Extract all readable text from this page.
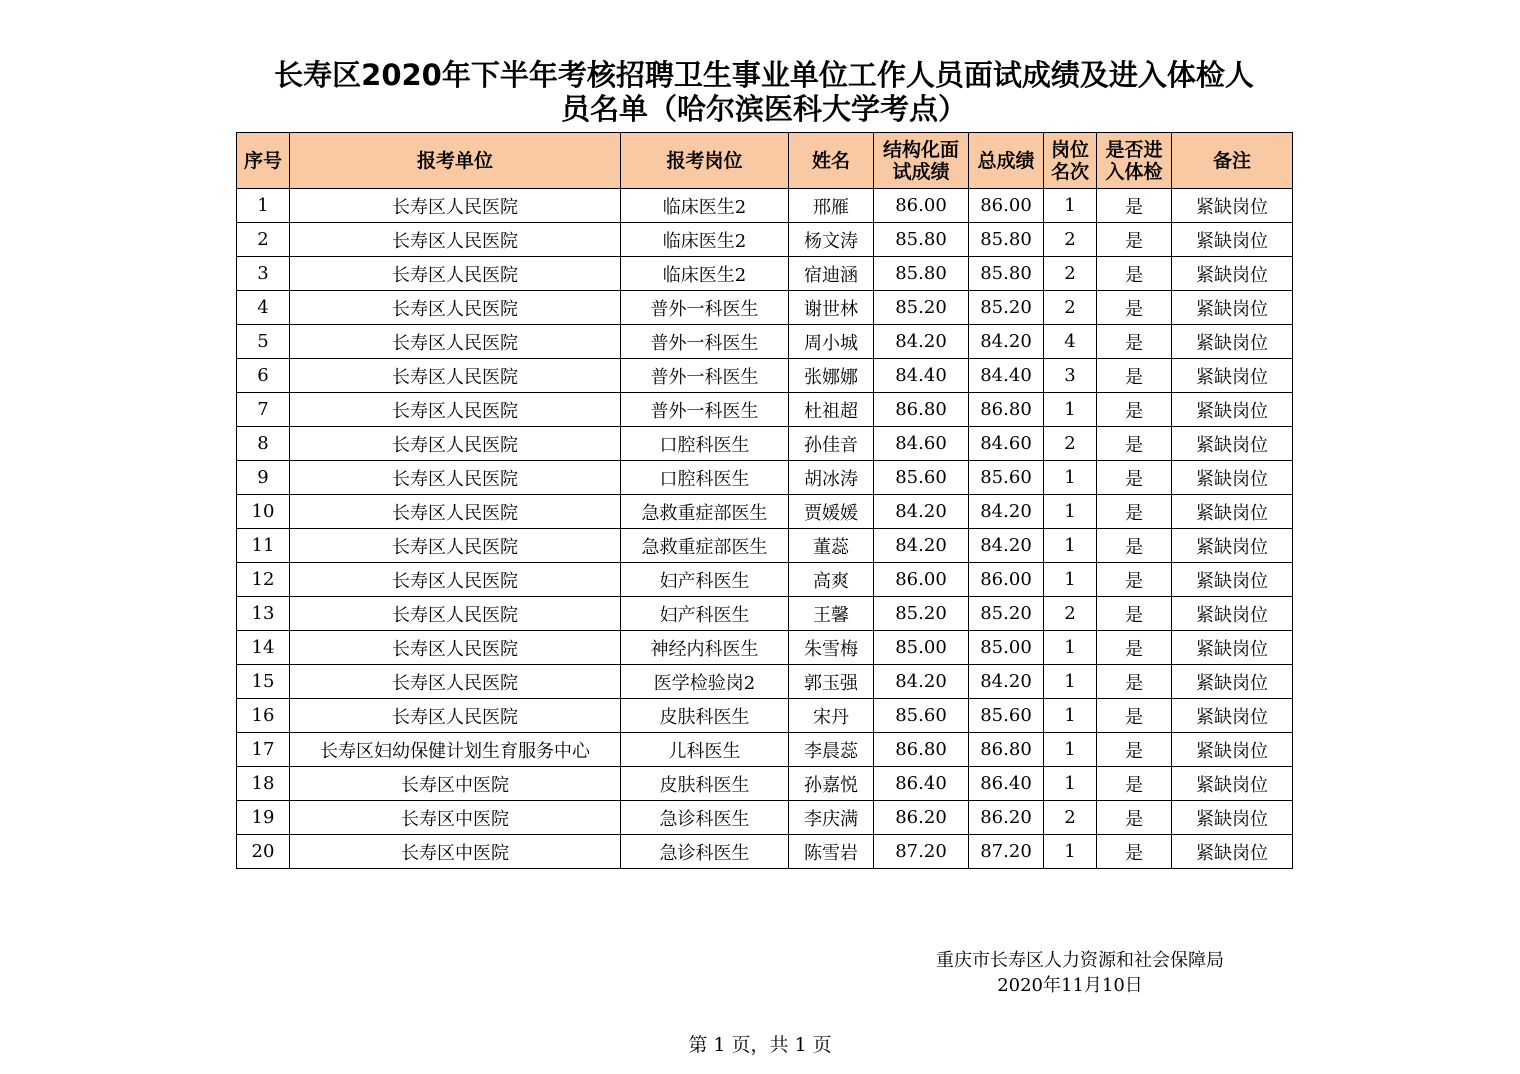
长寿区2020年下半年考核招聘卫生事业单位工作人员面试成绩及进入体检人
员名单（哈尔滨医科大学考点）
序号	报考单位	报考岗位	姓名	结构化面试成绩	总成绩	岗位名次	是否进入体检	备注
1	长寿区人民医院	临床医生2	邢雁	86.00	86.00	1	是	紧缺岗位
2	长寿区人民医院	临床医生2	杨文涛	85.80	85.80	2	是	紧缺岗位
3	长寿区人民医院	临床医生2	宿迪涵	85.80	85.80	2	是	紧缺岗位
4	长寿区人民医院	普外一科医生	谢世林	85.20	85.20	2	是	紧缺岗位
5	长寿区人民医院	普外一科医生	周小城	84.20	84.20	4	是	紧缺岗位
6	长寿区人民医院	普外一科医生	张娜娜	84.40	84.40	3	是	紧缺岗位
7	长寿区人民医院	普外一科医生	杜祖超	86.80	86.80	1	是	紧缺岗位
8	长寿区人民医院	口腔科医生	孙佳音	84.60	84.60	2	是	紧缺岗位
9	长寿区人民医院	口腔科医生	胡冰涛	85.60	85.60	1	是	紧缺岗位
10	长寿区人民医院	急救重症部医生	贾媛媛	84.20	84.20	1	是	紧缺岗位
11	长寿区人民医院	急救重症部医生	董蕊	84.20	84.20	1	是	紧缺岗位
12	长寿区人民医院	妇产科医生	高爽	86.00	86.00	1	是	紧缺岗位
13	长寿区人民医院	妇产科医生	王馨	85.20	85.20	2	是	紧缺岗位
14	长寿区人民医院	神经内科医生	朱雪梅	85.00	85.00	1	是	紧缺岗位
15	长寿区人民医院	医学检验岗2	郭玉强	84.20	84.20	1	是	紧缺岗位
16	长寿区人民医院	皮肤科医生	宋丹	85.60	85.60	1	是	紧缺岗位
17	长寿区妇幼保健计划生育服务中心	儿科医生	李晨蕊	86.80	86.80	1	是	紧缺岗位
18	长寿区中医院	皮肤科医生	孙嘉悦	86.40	86.40	1	是	紧缺岗位
19	长寿区中医院	急诊科医生	李庆满	86.20	86.20	2	是	紧缺岗位
20	长寿区中医院	急诊科医生	陈雪岩	87.20	87.20	1	是	紧缺岗位
重庆市长寿区人力资源和社会保障局
2020年11月10日
第 1 页，共 1 页
